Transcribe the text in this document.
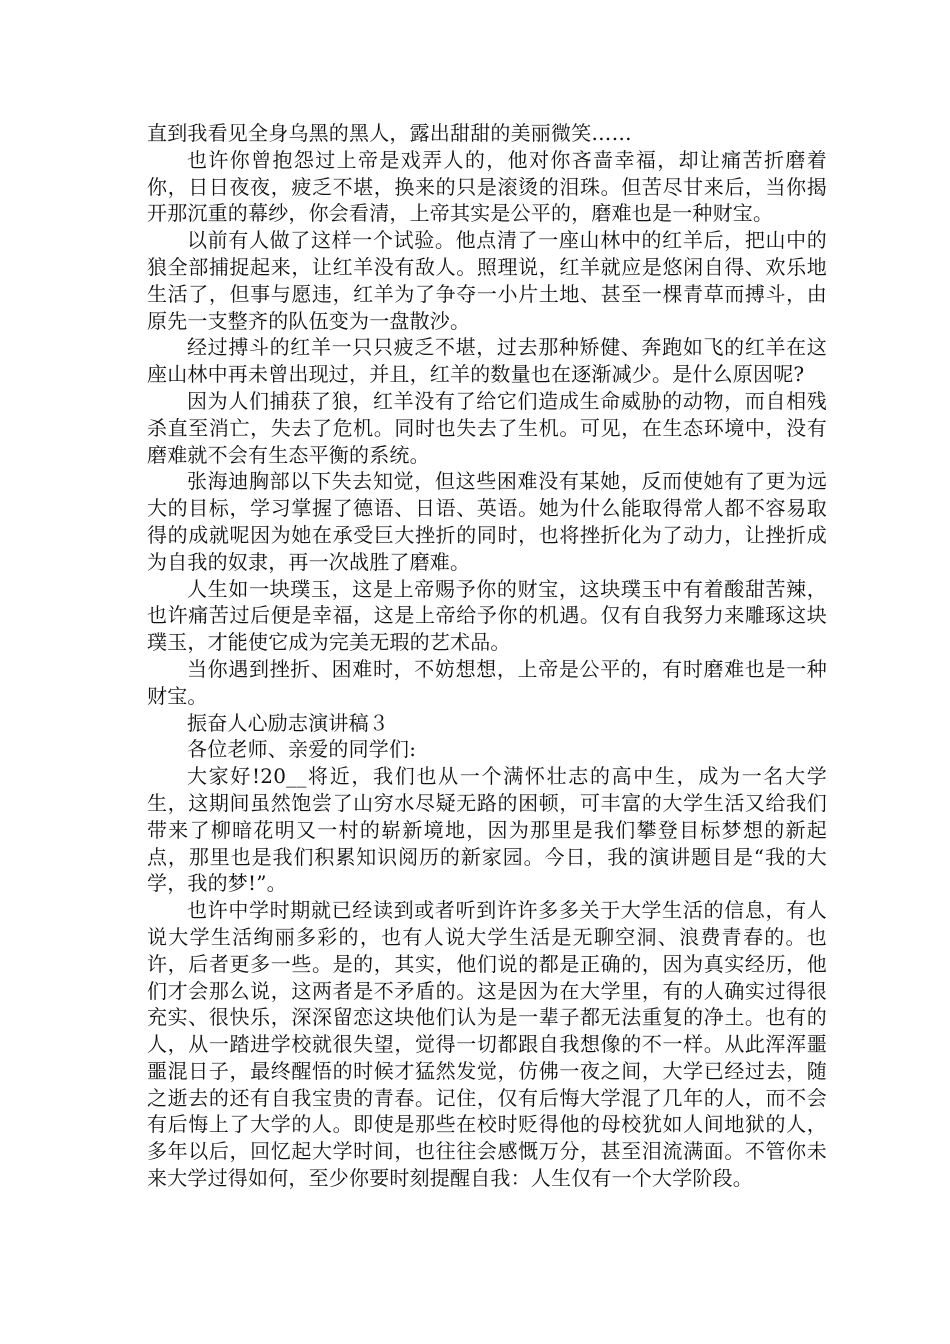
直到我看见全身乌黑的黑人，露出甜甜的美丽微笑……

也许你曾抱怨过上帝是戏弄人的，他对你吝啬幸福，却让痛苦折磨着你，日日夜夜，疲乏不堪，换来的只是滚烫的泪珠。但苦尽甘来后，当你揭开那沉重的幕纱，你会看清，上帝其实是公平的，磨难也是一种财宝。

以前有人做了这样一个试验。他点清了一座山林中的红羊后，把山中的狼全部捕捉起来，让红羊没有敌人。照理说，红羊就应是悠闲自得、欢乐地生活了，但事与愿违，红羊为了争夺一小片土地、甚至一棵青草而搏斗，由原先一支整齐的队伍变为一盘散沙。

经过搏斗的红羊一只只疲乏不堪，过去那种矫健、奔跑如飞的红羊在这座山林中再未曾出现过，并且，红羊的数量也在逐渐减少。是什么原因呢?

因为人们捕获了狼，红羊没有了给它们造成生命威胁的动物，而自相残杀直至消亡，失去了危机。同时也失去了生机。可见，在生态环境中，没有磨难就不会有生态平衡的系统。

张海迪胸部以下失去知觉，但这些困难没有某她，反而使她有了更为远大的目标，学习掌握了德语、日语、英语。她为什么能取得常人都不容易取得的成就呢因为她在承受巨大挫折的同时，也将挫折化为了动力，让挫折成为自我的奴隶，再一次战胜了磨难。

人生如一块璞玉，这是上帝赐予你的财宝，这块璞玉中有着酸甜苦辣，也许痛苦过后便是幸福，这是上帝给予你的机遇。仅有自我努力来雕琢这块璞玉，才能使它成为完美无瑕的艺术品。

当你遇到挫折、困难时，不妨想想，上帝是公平的，有时磨难也是一种财宝。

振奋人心励志演讲稿３

各位老师、亲爱的同学们:

大家好!20__将近，我们也从一个满怀壮志的高中生，成为一名大学生，这期间虽然饱尝了山穷水尽疑无路的困顿，可丰富的大学生活又给我们带来了柳暗花明又一村的崭新境地，因为那里是我们攀登目标梦想的新起点，那里也是我们积累知识阅历的新家园。今日，我的演讲题目是“我的大学，我的梦!”。

也许中学时期就已经读到或者听到许许多多关于大学生活的信息，有人说大学生活绚丽多彩的，也有人说大学生活是无聊空洞、浪费青春的。也许，后者更多一些。是的，其实，他们说的都是正确的，因为真实经历，他们才会那么说，这两者是不矛盾的。这是因为在大学里，有的人确实过得很充实、很快乐，深深留恋这块他们认为是一辈子都无法重复的净土。也有的人，从一踏进学校就很失望，觉得一切都跟自我想像的不一样。从此浑浑噩噩混日子，最终醒悟的时候才猛然发觉，仿佛一夜之间，大学已经过去，随之逝去的还有自我宝贵的青春。记住，仅有后悔大学混了几年的人，而不会有后悔上了大学的人。即使是那些在校时贬得他的母校犹如人间地狱的人，多年以后，回忆起大学时间，也往往会感慨万分，甚至泪流满面。不管你未来大学过得如何，至少你要时刻提醒自我：人生仅有一个大学阶段。
